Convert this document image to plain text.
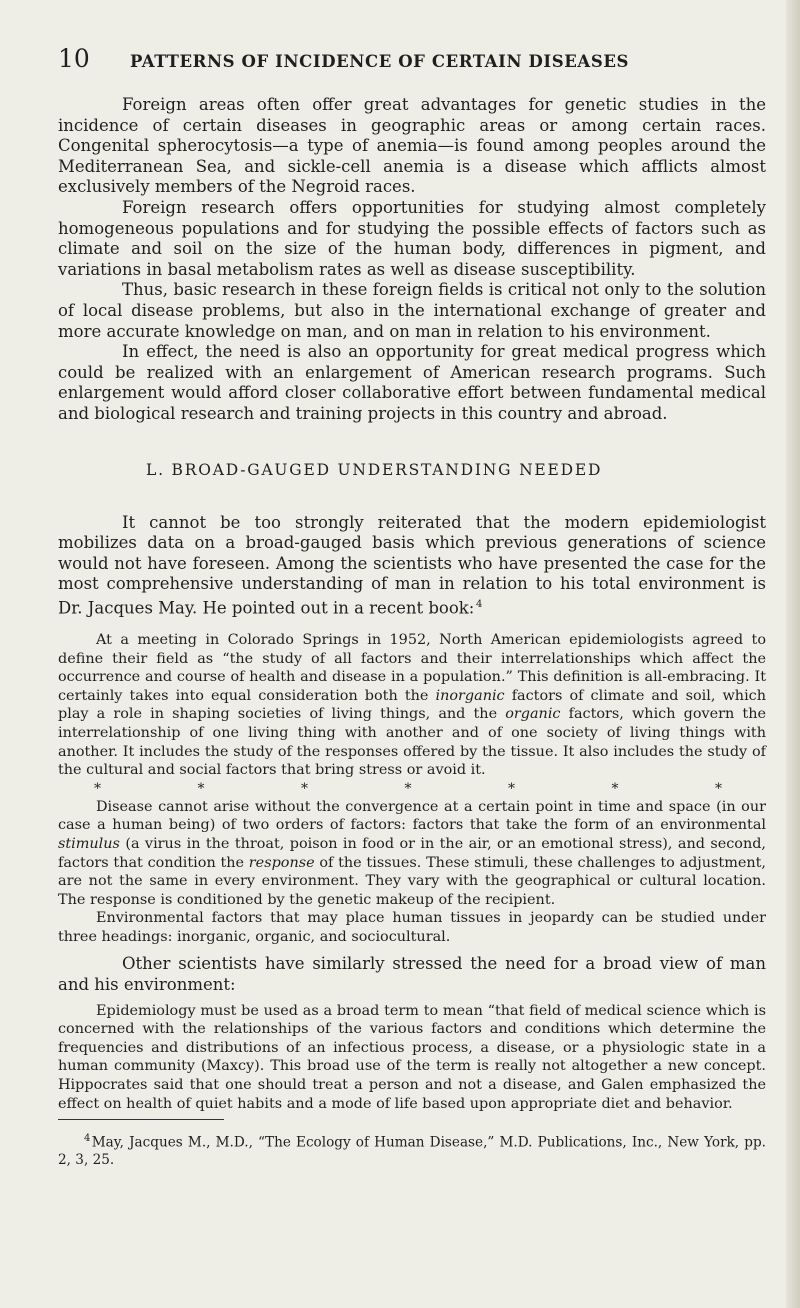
10	PATTERNS OF INCIDENCE OF CERTAIN DISEASES

Foreign areas often offer great advantages for genetic studies in the incidence of certain diseases in geographic areas or among certain races. Congenital spherocytosis—a type of anemia—is found among peoples around the Mediterranean Sea, and sickle-cell anemia is a disease which afflicts almost exclusively members of the Negroid races.

Foreign research offers opportunities for studying almost completely homogeneous populations and for studying the possible effects of factors such as climate and soil on the size of the human body, differences in pigment, and variations in basal metabolism rates as well as disease susceptibility.

Thus, basic research in these foreign fields is critical not only to the solution of local disease problems, but also in the international exchange of greater and more accurate knowledge on man, and on man in relation to his environment.

In effect, the need is also an opportunity for great medical progress which could be realized with an enlargement of American research programs. Such enlargement would afford closer collaborative effort between fundamental medical and biological research and training projects in this country and abroad.

L. BROAD-GAUGED UNDERSTANDING NEEDED

It cannot be too strongly reiterated that the modern epidemiologist mobilizes data on a broad-gauged basis which previous generations of science would not have foreseen. Among the scientists who have presented the case for the most comprehensive understanding of man in relation to his total environment is Dr. Jacques May. He pointed out in a recent book:  $^4$

At a meeting in Colorado Springs in 1952, North American epidemiologists agreed to define their field as “the study of all factors and their interrelationships which affect the occurrence and course of health and disease in a population.” This definition is all-embracing. It certainly takes into equal consideration both the inorganic factors of climate and soil, which play a role in shaping societies of living things, and the organic factors, which govern the interrelationship of one living thing with another and of one society of living things with another. It includes the study of the responses offered by the tissue. It also includes the study of the cultural and social factors that bring stress or avoid it.

*	*	*	*	*	*	*

Disease cannot arise without the convergence at a certain point in time and space (in our case a human being) of two orders of factors: factors that take the form of an environmental stimulus (a virus in the throat, poison in food or in the air, or an emotional stress), and second, factors that condition the response of the tissues. These stimuli, these challenges to adjustment, are not the same in every environment. They vary with the geographical or cultural location. The response is conditioned by the genetic makeup of the recipient.

Environmental factors that may place human tissues in jeopardy can be studied under three headings: inorganic, organic, and sociocultural.

Other scientists have similarly stressed the need for a broad view of man and his environment:

Epidemiology must be used as a broad term to mean “that field of medical science which is concerned with the relationships of the various factors and conditions which determine the frequencies and distributions of an infectious process, a disease, or a physiologic state in a human community (Maxcy). This broad use of the term is really not altogether a new concept. Hippocrates said that one should treat a person and not a disease, and Galen emphasized the effect on health of quiet habits and a mode of life based upon appropriate diet and behavior.

$^4$ May, Jacques M., M.D., “The Ecology of Human Disease,” M.D. Publications, Inc., New York, pp. 2, 3, 25.
